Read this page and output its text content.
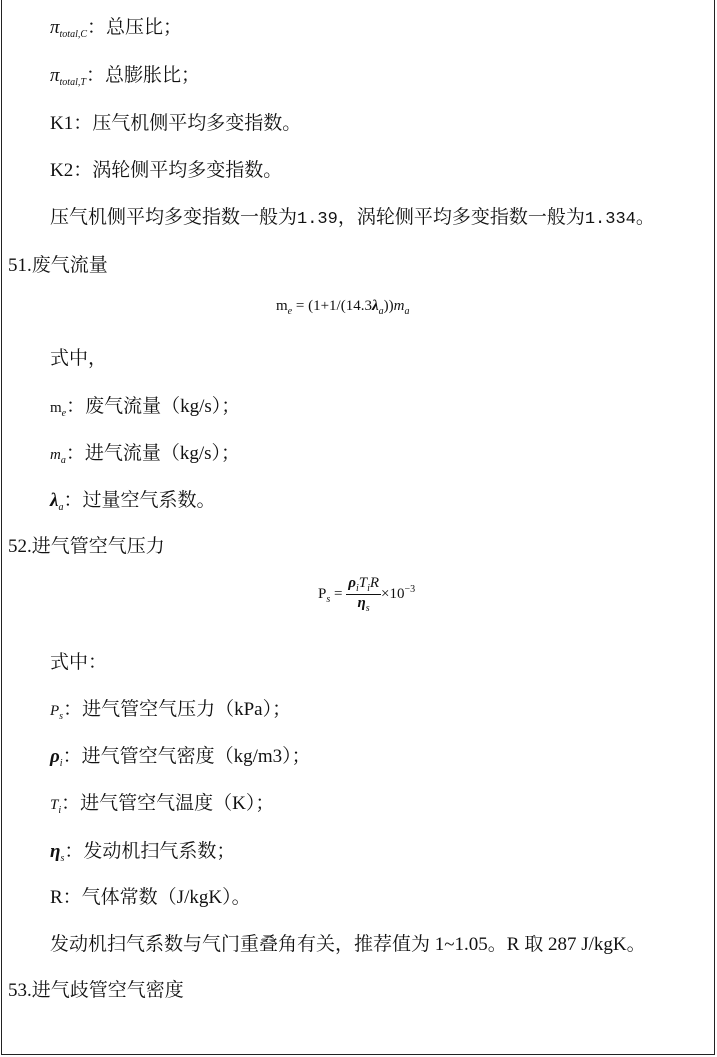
$\pi_{total,C}$：总压比；
$\pi_{total,T}$：总膨胀比；
K1：压气机侧平均多变指数。
K2：涡轮侧平均多变指数。
压气机侧平均多变指数一般为1.39，涡轮侧平均多变指数一般为1.334。
51.废气流量
$m_e = (1+1/(14.3\lambda_a))m_a$
式中，
$m_e$：废气流量（kg/s）；
$m_a$：进气流量（kg/s）；
$\lambda_a$：过量空气系数。
52.进气管空气压力
$P_s = \frac{\rho_iT_iR}{\eta_s} \times 10^{-3}$
式中：
$P_s$：进气管空气压力（kPa）；
$\rho_i$：进气管空气密度（kg/m3）；
$T_i$：进气管空气温度（K）；
$\eta_s$：发动机扫气系数；
R：气体常数（J/kgK）。
发动机扫气系数与气门重叠角有关，推荐值为 1~1.05。R 取 287 J/kgK。
53.进气歧管空气密度
